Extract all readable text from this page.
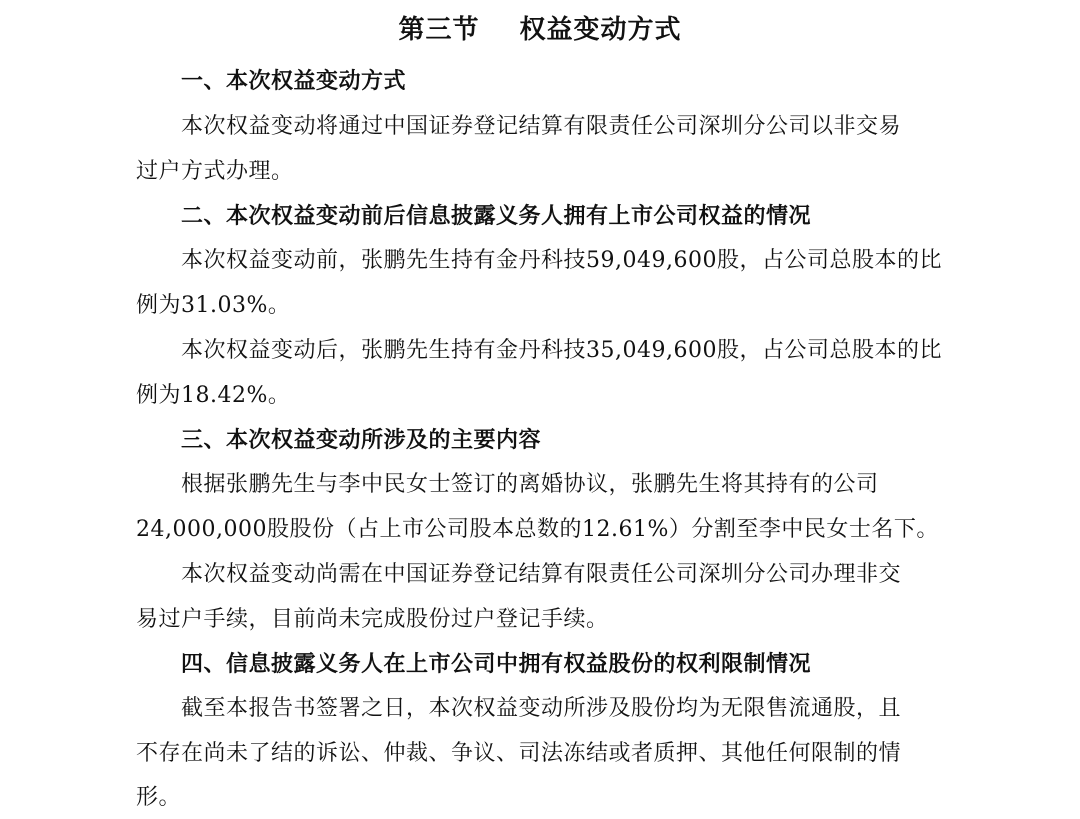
第三节 权益变动方式
一、本次权益变动方式
本次权益变动将通过中国证券登记结算有限责任公司深圳分公司以非交易
过户方式办理。
二、本次权益变动前后信息披露义务人拥有上市公司权益的情况
本次权益变动前，张鹏先生持有金丹科技59,049,600股，占公司总股本的比
例为31.03%。
本次权益变动后，张鹏先生持有金丹科技35,049,600股，占公司总股本的比
例为18.42%。
三、本次权益变动所涉及的主要内容
根据张鹏先生与李中民女士签订的离婚协议，张鹏先生将其持有的公司
24,000,000股股份（占上市公司股本总数的12.61%）分割至李中民女士名下。
本次权益变动尚需在中国证券登记结算有限责任公司深圳分公司办理非交
易过户手续，目前尚未完成股份过户登记手续。
四、信息披露义务人在上市公司中拥有权益股份的权利限制情况
截至本报告书签署之日，本次权益变动所涉及股份均为无限售流通股，且
不存在尚未了结的诉讼、仲裁、争议、司法冻结或者质押、其他任何限制的情
形。
